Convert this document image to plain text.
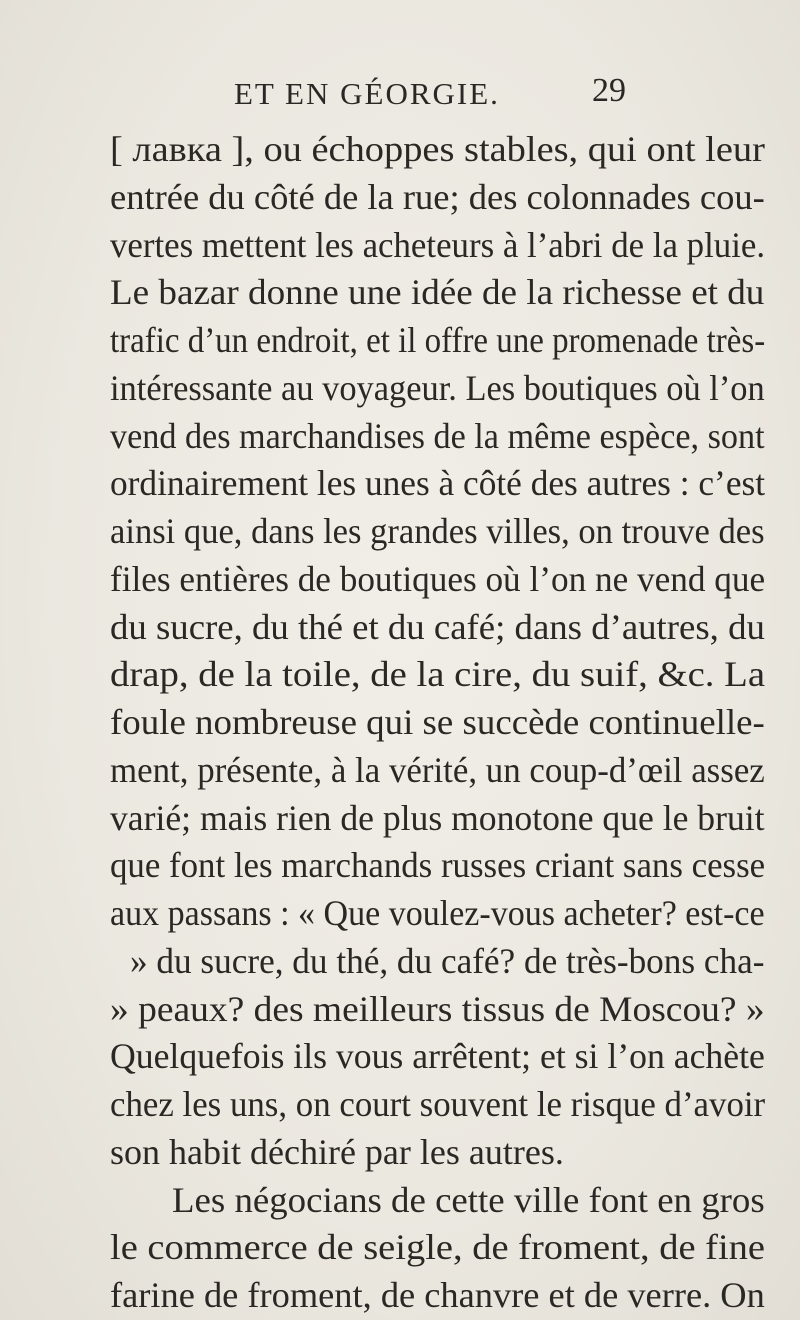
ET EN GÉORGIE.	29
[ лавка ], ou échoppes stables, qui ont leur
entrée du côté de la rue; des colonnades cou-
vertes mettent les acheteurs à l’abri de la pluie.
Le bazar donne une idée de la richesse et du
trafic d’un endroit, et il offre une promenade très-
intéressante au voyageur. Les boutiques où l’on
vend des marchandises de la même espèce, sont
ordinairement les unes à côté des autres : c’est
ainsi que, dans les grandes villes, on trouve des
files entières de boutiques où l’on ne vend que
du sucre, du thé et du café; dans d’autres, du
drap, de la toile, de la cire, du suif, &c. La
foule nombreuse qui se succède continuelle-
ment, présente, à la vérité, un coup-d’œil assez
varié; mais rien de plus monotone que le bruit
que font les marchands russes criant sans cesse
aux passans : « Que voulez-vous acheter? est-ce
» du sucre, du thé, du café? de très-bons cha-
» peaux? des meilleurs tissus de Moscou? »
Quelquefois ils vous arrêtent; et si l’on achète
chez les uns, on court souvent le risque d’avoir
son habit déchiré par les autres.
Les négocians de cette ville font en gros
le commerce de seigle, de froment, de fine
farine de froment, de chanvre et de verre. On
